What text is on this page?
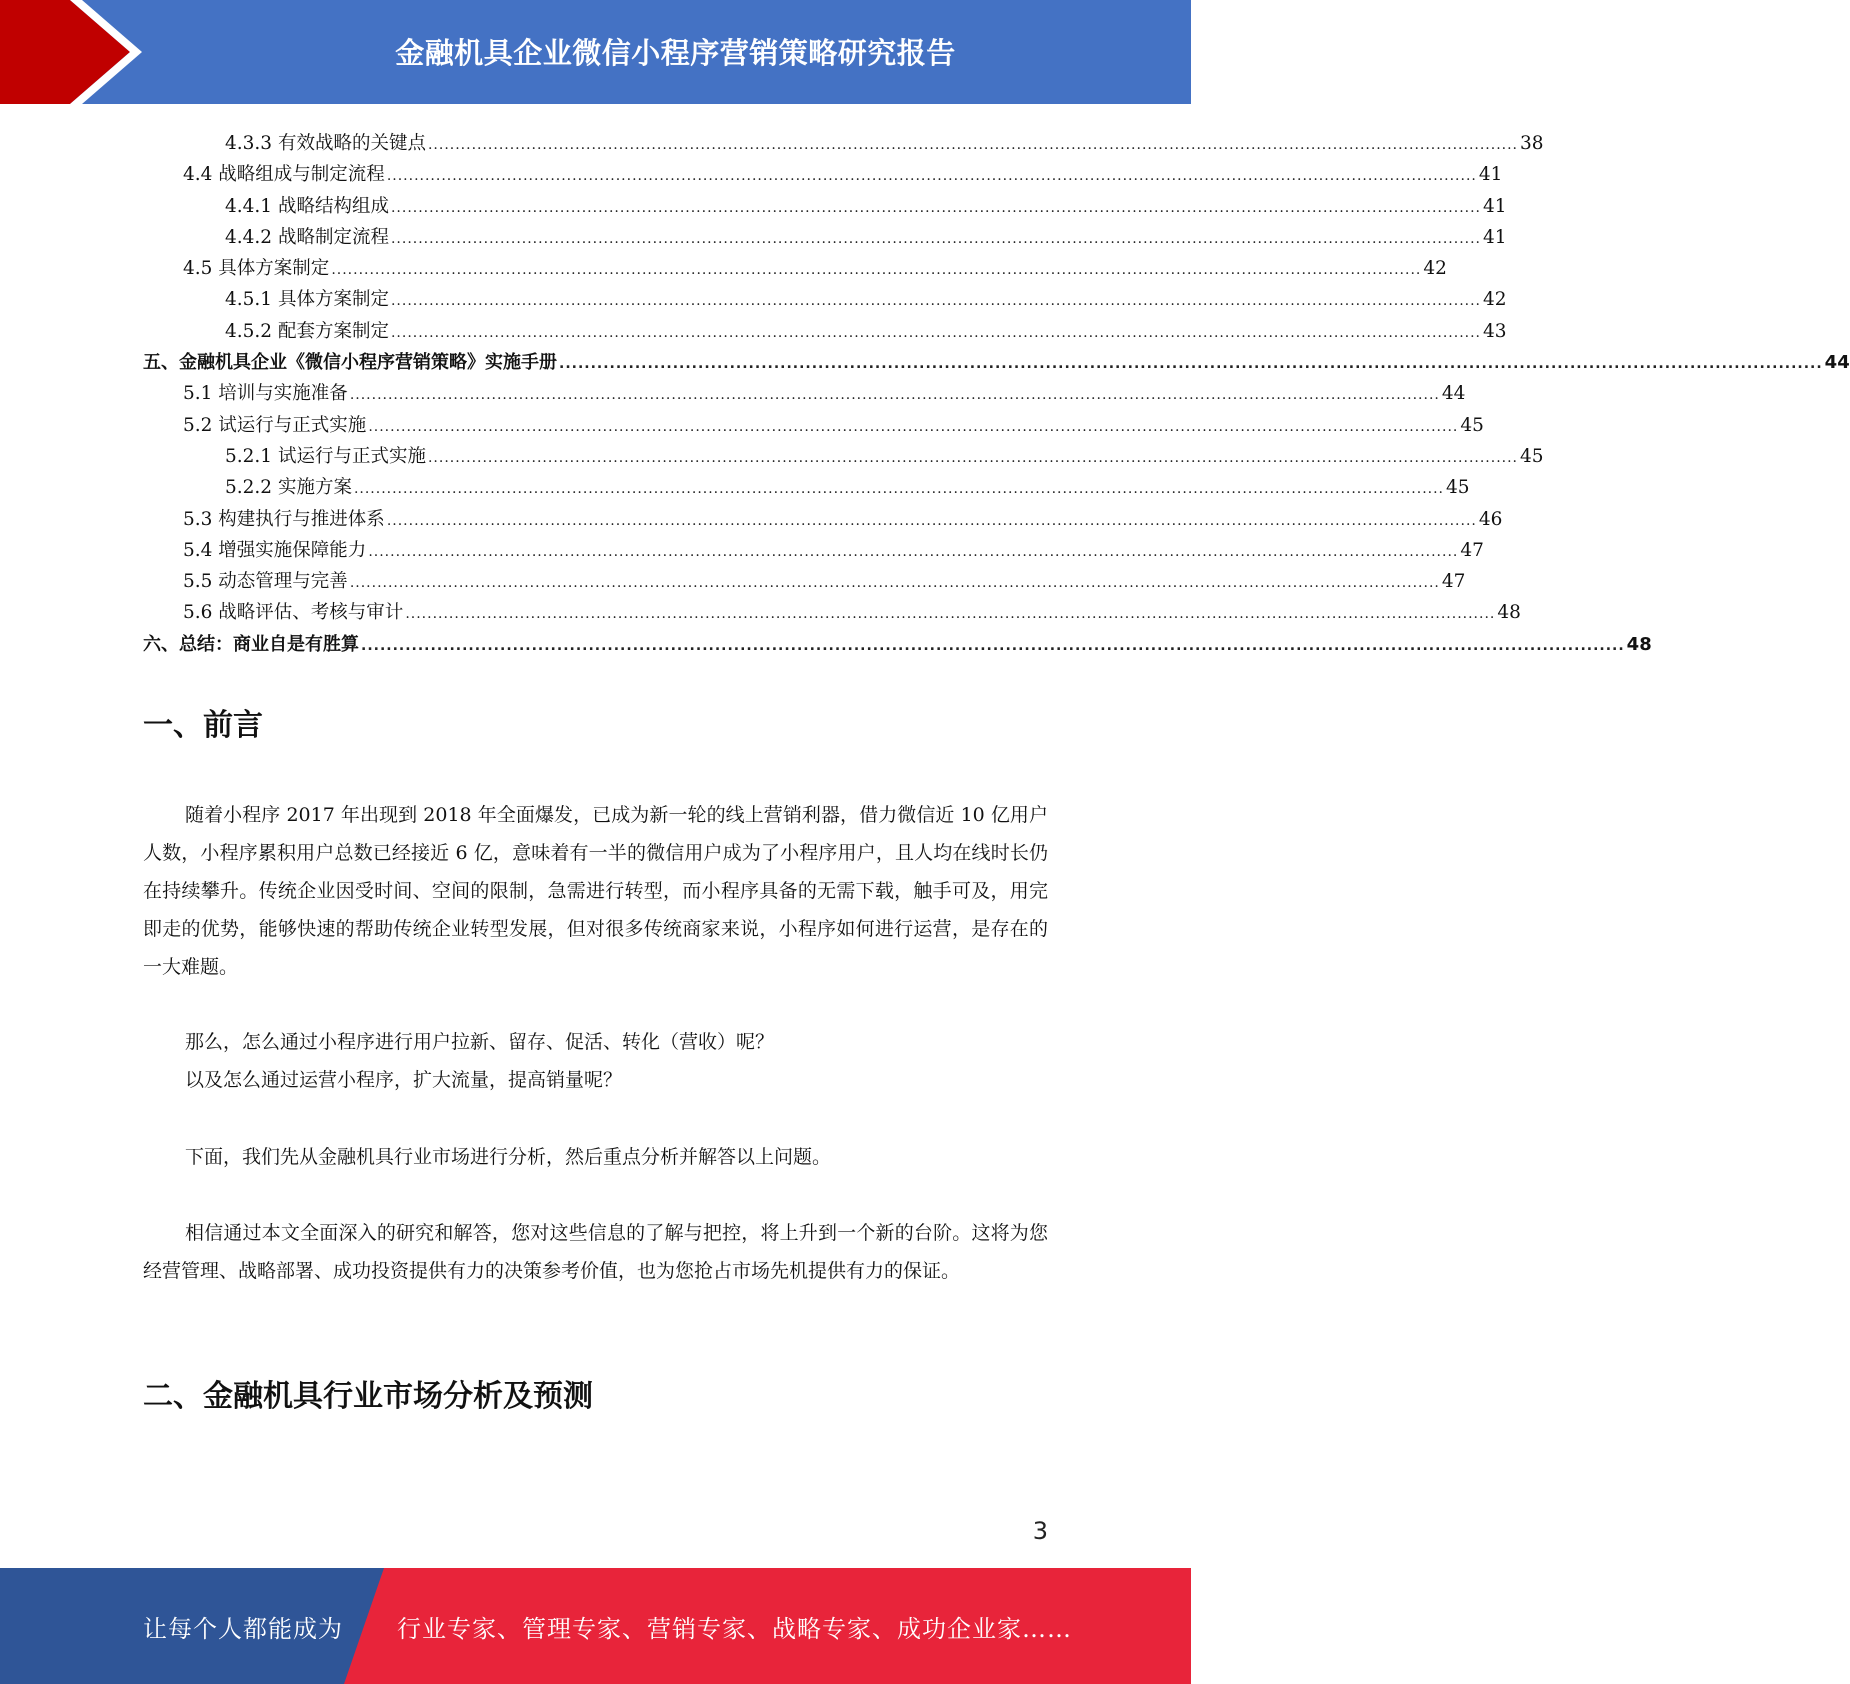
金融机具企业微信小程序营销策略研究报告
4.3.3 有效战略的关键点 ........................................................................................................................................................................................................ 38
4.4 战略组成与制定流程 ........................................................................................................................................................................................................ 41
4.4.1 战略结构组成 ........................................................................................................................................................................................................ 41
4.4.2 战略制定流程 ........................................................................................................................................................................................................ 41
4.5 具体方案制定 ........................................................................................................................................................................................................ 42
4.5.1 具体方案制定 ........................................................................................................................................................................................................ 42
4.5.2 配套方案制定 ........................................................................................................................................................................................................ 43
五、金融机具企业《微信小程序营销策略》实施手册 ........................................................................................................................................................................................................ 44
5.1 培训与实施准备 ........................................................................................................................................................................................................ 44
5.2 试运行与正式实施 ........................................................................................................................................................................................................ 45
5.2.1 试运行与正式实施 ........................................................................................................................................................................................................ 45
5.2.2 实施方案 ........................................................................................................................................................................................................ 45
5.3 构建执行与推进体系 ........................................................................................................................................................................................................ 46
5.4 增强实施保障能力 ........................................................................................................................................................................................................ 47
5.5 动态管理与完善 ........................................................................................................................................................................................................ 47
5.6 战略评估、考核与审计 ........................................................................................................................................................................................................ 48
六、总结：商业自是有胜算 ........................................................................................................................................................................................................ 48
一、前言

随着小程序 2017 年出现到 2018 年全面爆发，已成为新一轮的线上营销利器，借力微信近 10 亿用户人数，小程序累积用户总数已经接近 6 亿，意味着有一半的微信用户成为了小程序用户，且人均在线时长仍在持续攀升。传统企业因受时间、空间的限制，急需进行转型，而小程序具备的无需下载，触手可及，用完即走的优势，能够快速的帮助传统企业转型发展，但对很多传统商家来说，小程序如何进行运营，是存在的一大难题。

那么，怎么通过小程序进行用户拉新、留存、促活、转化（营收）呢？
以及怎么通过运营小程序，扩大流量，提高销量呢？
下面，我们先从金融机具行业市场进行分析，然后重点分析并解答以上问题。

相信通过本文全面深入的研究和解答，您对这些信息的了解与把控，将上升到一个新的台阶。这将为您经营管理、战略部署、成功投资提供有力的决策参考价值，也为您抢占市场先机提供有力的保证。

二、金融机具行业市场分析及预测
3
让每个人都能成为 行业专家、管理专家、营销专家、战略专家、成功企业家……
